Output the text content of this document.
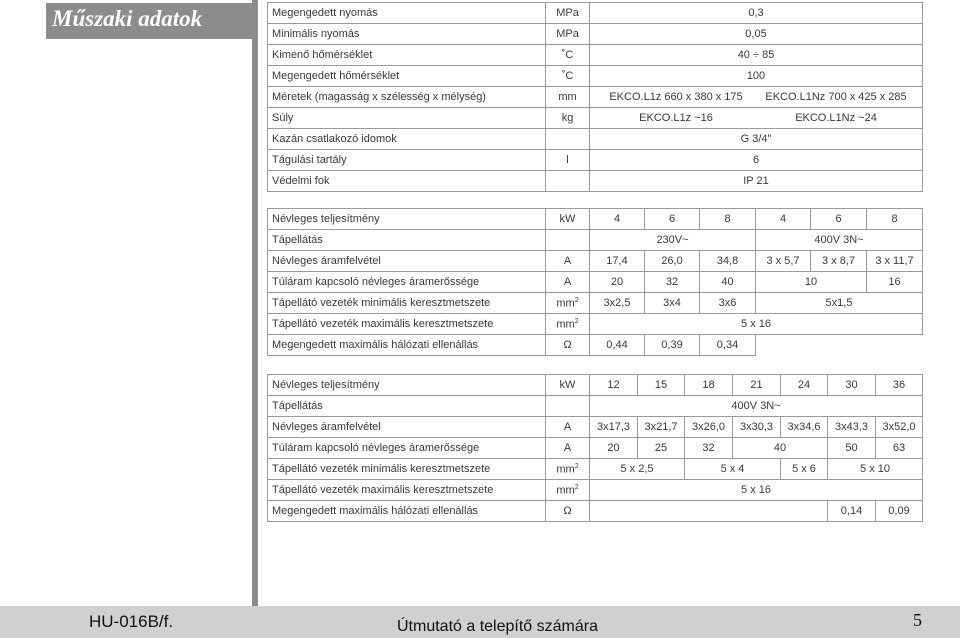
Műszaki adatok	Megengedett nyomás	MPa	0,3
Minimális nyomás	MPa	0,05
Kimenő hőmérséklet	˚C	40 ÷ 85
Megengedett hőmérséklet	˚C	100
Méretek (magasság x szélesség x mélység)	mm	EKCO.L1z 660 x 380 x 175 EKCO.L1Nz 700 x 425 x 285
Súly	kg	EKCO.L1z ~16 EKCO.L1Nz ~24
Kazán csatlakozó idomok		G 3/4"
Tágulási tartály	l	6
Védelmi fok		IP 21
Névleges teljesítmény	kW	4	6	8	4	6	8
Tápellátás		230V~			400V 3N~		
Névleges áramfelvétel	A	17,4	26,0	34,8	3 x 5,7	3 x 8,7	3 x 11,7
Túláram kapcsoló névleges áramerőssége	A	20	32	40	10		16
Tápellátó vezeték minimális keresztmetszete	$mm^2$	3x2,5	3x4	3x6	5x1,5		
Tápellátó vezeték maximális keresztmetszete	$mm^2$	5 x 16					
Megengedett maximális hálózati ellenállás	Ω	0,44	0,39	0,34			
Névleges teljesítmény	kW	12	15	18	21	24	30	36
Tápellátás		400V 3N~						
Névleges áramfelvétel	A	3x17,3	3x21,7	3x26,0	3x30,3	3x34,6	3x43,3	3x52,0
Túláram kapcsoló névleges áramerőssége	A	20	25	32	40		50	63
Tápellátó vezeték minimális keresztmetszete	$mm^2$	5 x 2,5		5 x 4		5 x 6	5 x 10	
Tápellátó vezeték maximális keresztmetszete	$mm^2$	5 x 16						
Megengedett maximális hálózati ellenállás	Ω						0,14	0,09
HU-016B/f.	Útmutató a telepítő számára	5
